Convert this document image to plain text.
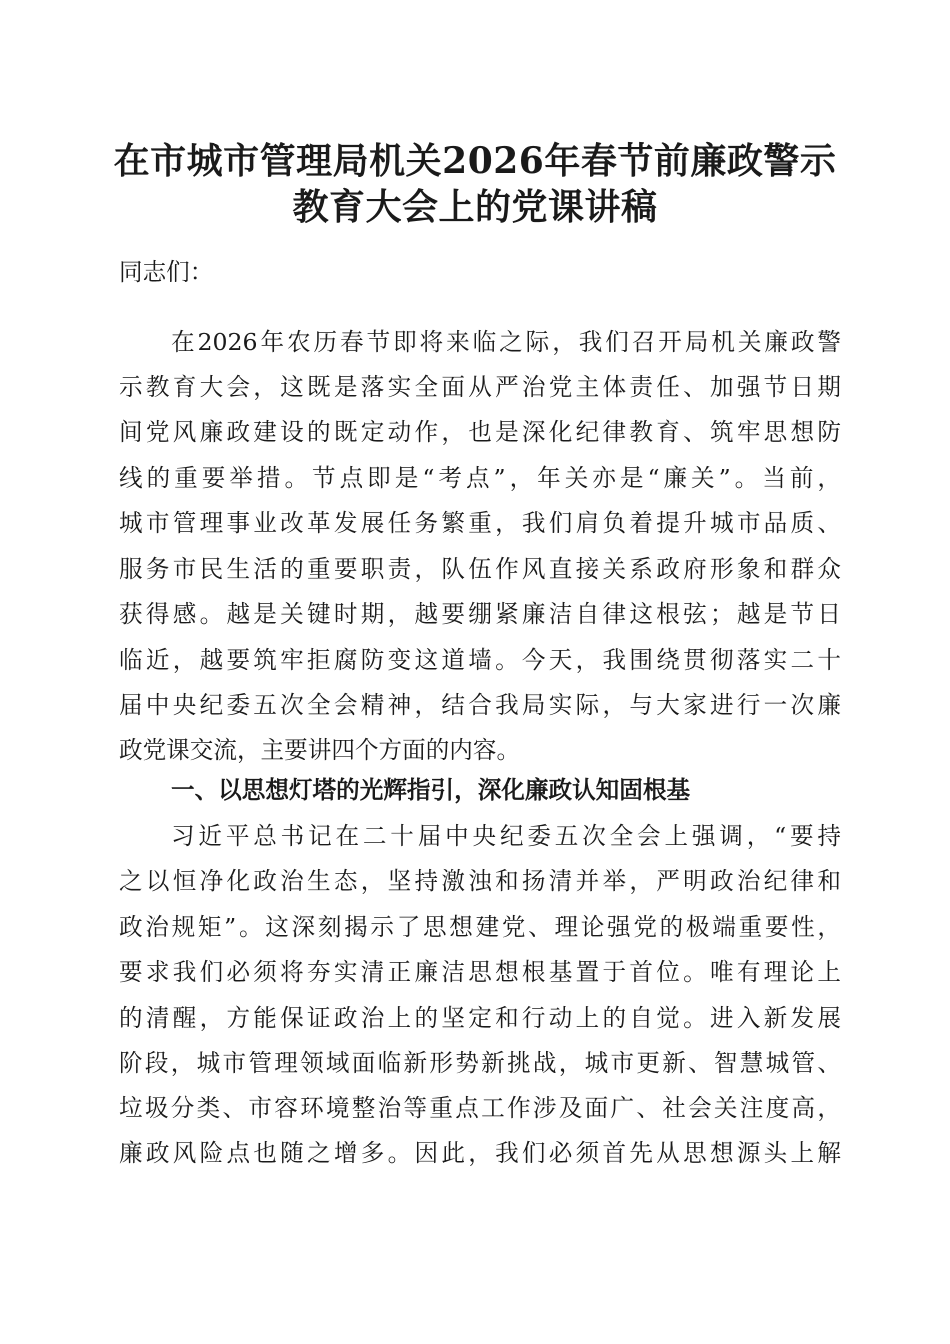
在市城市管理局机关2026年春节前廉政警示
教育大会上的党课讲稿
同志们：
在2026年农历春节即将来临之际，我们召开局机关廉政警
示教育大会，这既是落实全面从严治党主体责任、加强节日期
间党风廉政建设的既定动作，也是深化纪律教育、筑牢思想防
线的重要举措。节点即是“考点”，年关亦是“廉关”。当前，
城市管理事业改革发展任务繁重，我们肩负着提升城市品质、
服务市民生活的重要职责，队伍作风直接关系政府形象和群众
获得感。越是关键时期，越要绷紧廉洁自律这根弦；越是节日
临近，越要筑牢拒腐防变这道墙。今天，我围绕贯彻落实二十
届中央纪委五次全会精神，结合我局实际，与大家进行一次廉
政党课交流，主要讲四个方面的内容。
一、以思想灯塔的光辉指引，深化廉政认知固根基
习近平总书记在二十届中央纪委五次全会上强调，“要持
之以恒净化政治生态，坚持激浊和扬清并举，严明政治纪律和
政治规矩”。这深刻揭示了思想建党、理论强党的极端重要性，
要求我们必须将夯实清正廉洁思想根基置于首位。唯有理论上
的清醒，方能保证政治上的坚定和行动上的自觉。进入新发展
阶段，城市管理领域面临新形势新挑战，城市更新、智慧城管、
垃圾分类、市容环境整治等重点工作涉及面广、社会关注度高，
廉政风险点也随之增多。因此，我们必须首先从思想源头上解
